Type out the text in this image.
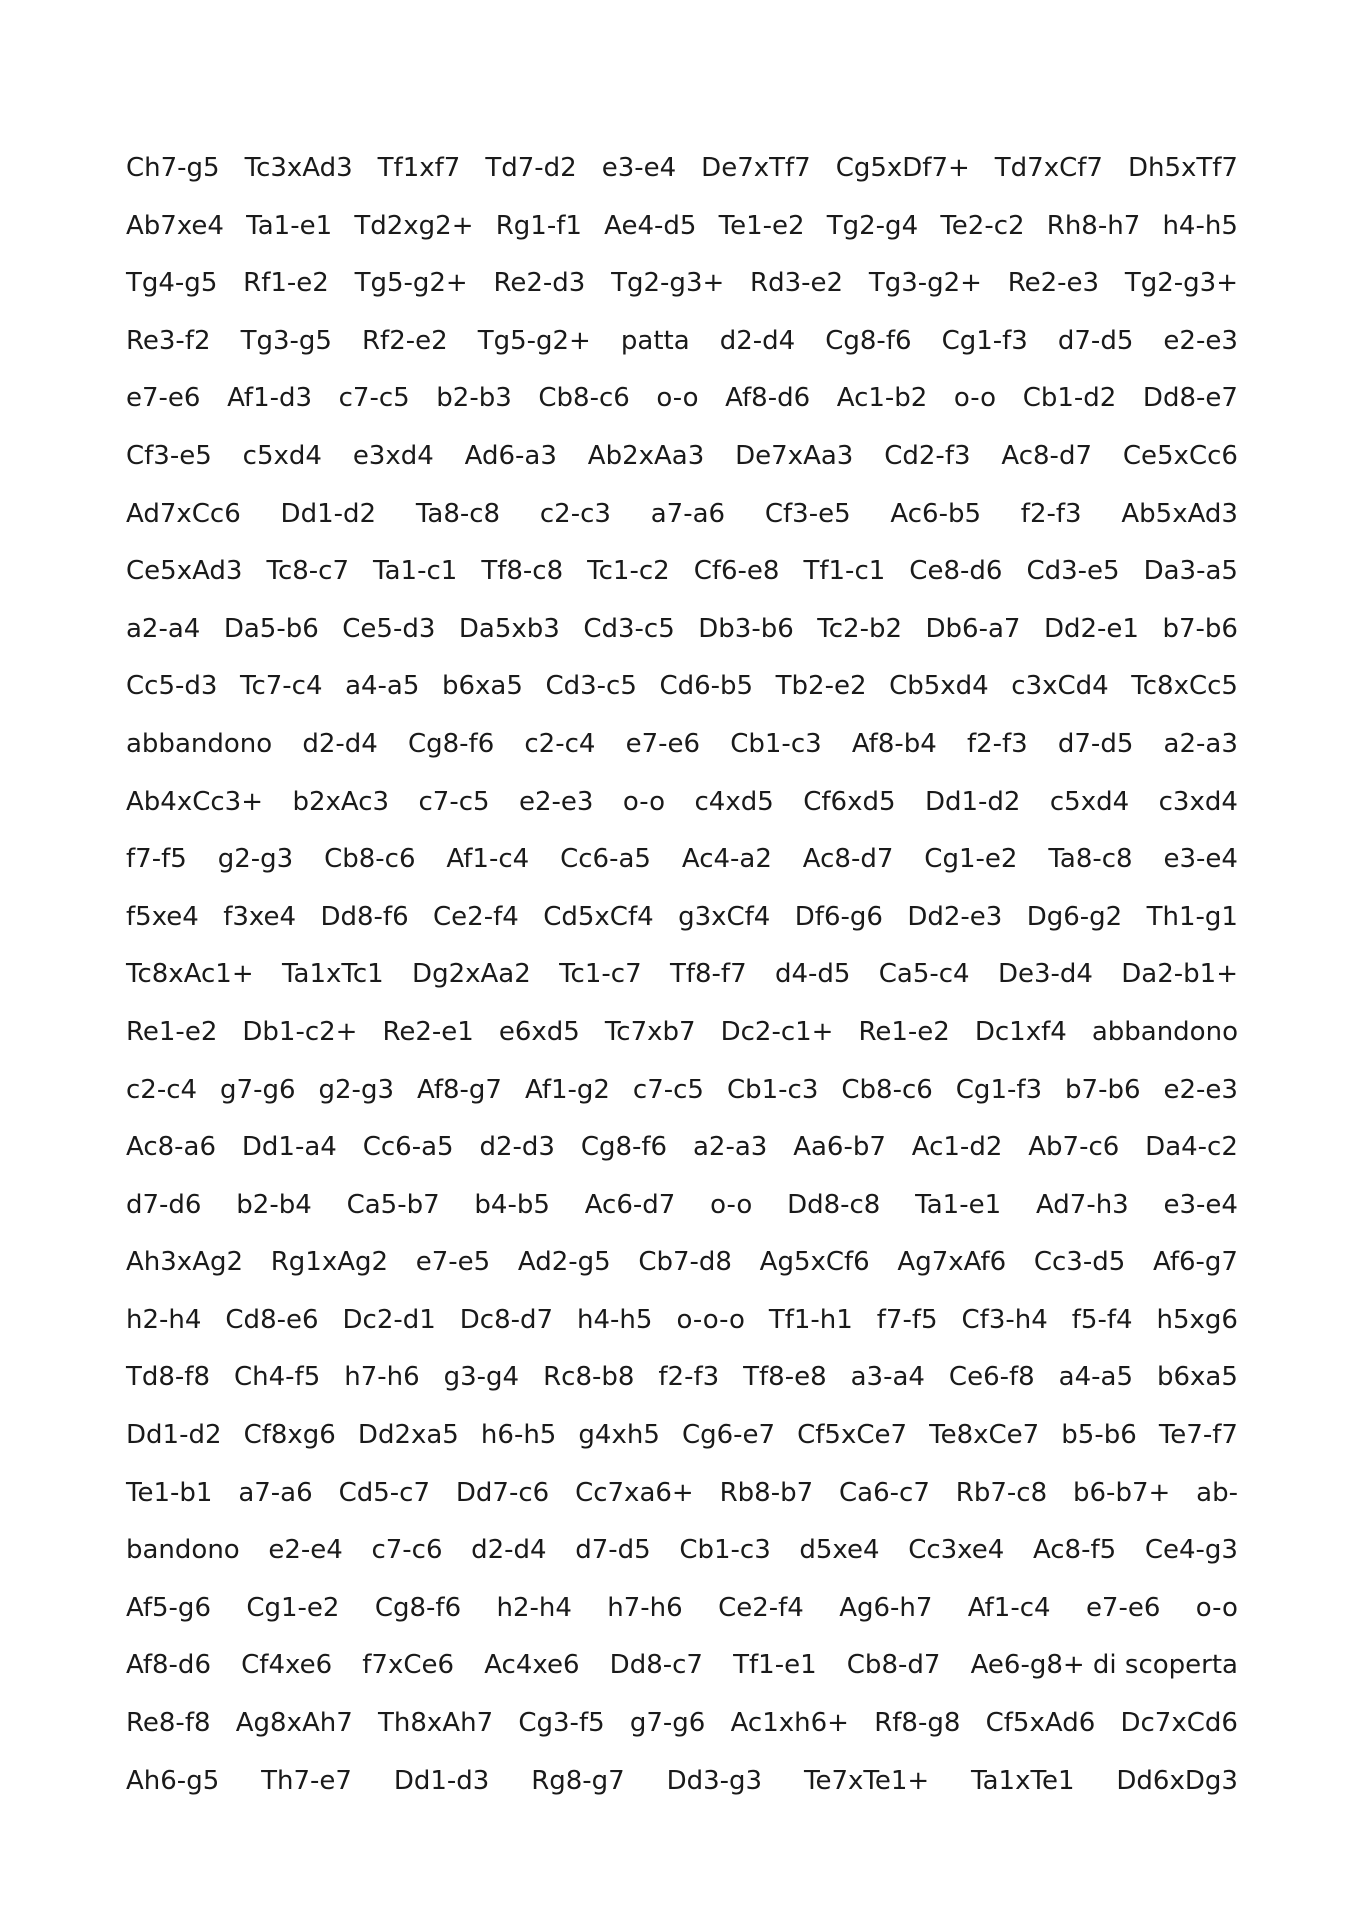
Ch7-g5 Tc3xAd3 Tf1xf7 Td7-d2 e3-e4 De7xTf7 Cg5xDf7+ Td7xCf7 Dh5xTf7
Ab7xe4 Ta1-e1 Td2xg2+ Rg1-f1 Ae4-d5 Te1-e2 Tg2-g4 Te2-c2 Rh8-h7 h4-h5
Tg4-g5 Rf1-e2 Tg5-g2+ Re2-d3 Tg2-g3+ Rd3-e2 Tg3-g2+ Re2-e3 Tg2-g3+
Re3-f2 Tg3-g5 Rf2-e2 Tg5-g2+ patta d2-d4 Cg8-f6 Cg1-f3 d7-d5 e2-e3
e7-e6 Af1-d3 c7-c5 b2-b3 Cb8-c6 o-o Af8-d6 Ac1-b2 o-o Cb1-d2 Dd8-e7
Cf3-e5 c5xd4 e3xd4 Ad6-a3 Ab2xAa3 De7xAa3 Cd2-f3 Ac8-d7 Ce5xCc6
Ad7xCc6 Dd1-d2 Ta8-c8 c2-c3 a7-a6 Cf3-e5 Ac6-b5 f2-f3 Ab5xAd3
Ce5xAd3 Tc8-c7 Ta1-c1 Tf8-c8 Tc1-c2 Cf6-e8 Tf1-c1 Ce8-d6 Cd3-e5 Da3-a5
a2-a4 Da5-b6 Ce5-d3 Da5xb3 Cd3-c5 Db3-b6 Tc2-b2 Db6-a7 Dd2-e1 b7-b6
Cc5-d3 Tc7-c4 a4-a5 b6xa5 Cd3-c5 Cd6-b5 Tb2-e2 Cb5xd4 c3xCd4 Tc8xCc5
abbandono d2-d4 Cg8-f6 c2-c4 e7-e6 Cb1-c3 Af8-b4 f2-f3 d7-d5 a2-a3
Ab4xCc3+ b2xAc3 c7-c5 e2-e3 o-o c4xd5 Cf6xd5 Dd1-d2 c5xd4 c3xd4
f7-f5 g2-g3 Cb8-c6 Af1-c4 Cc6-a5 Ac4-a2 Ac8-d7 Cg1-e2 Ta8-c8 e3-e4
f5xe4 f3xe4 Dd8-f6 Ce2-f4 Cd5xCf4 g3xCf4 Df6-g6 Dd2-e3 Dg6-g2 Th1-g1
Tc8xAc1+ Ta1xTc1 Dg2xAa2 Tc1-c7 Tf8-f7 d4-d5 Ca5-c4 De3-d4 Da2-b1+
Re1-e2 Db1-c2+ Re2-e1 e6xd5 Tc7xb7 Dc2-c1+ Re1-e2 Dc1xf4 abbandono
c2-c4 g7-g6 g2-g3 Af8-g7 Af1-g2 c7-c5 Cb1-c3 Cb8-c6 Cg1-f3 b7-b6 e2-e3
Ac8-a6 Dd1-a4 Cc6-a5 d2-d3 Cg8-f6 a2-a3 Aa6-b7 Ac1-d2 Ab7-c6 Da4-c2
d7-d6 b2-b4 Ca5-b7 b4-b5 Ac6-d7 o-o Dd8-c8 Ta1-e1 Ad7-h3 e3-e4
Ah3xAg2 Rg1xAg2 e7-e5 Ad2-g5 Cb7-d8 Ag5xCf6 Ag7xAf6 Cc3-d5 Af6-g7
h2-h4 Cd8-e6 Dc2-d1 Dc8-d7 h4-h5 o-o-o Tf1-h1 f7-f5 Cf3-h4 f5-f4 h5xg6
Td8-f8 Ch4-f5 h7-h6 g3-g4 Rc8-b8 f2-f3 Tf8-e8 a3-a4 Ce6-f8 a4-a5 b6xa5
Dd1-d2 Cf8xg6 Dd2xa5 h6-h5 g4xh5 Cg6-e7 Cf5xCe7 Te8xCe7 b5-b6 Te7-f7
Te1-b1 a7-a6 Cd5-c7 Dd7-c6 Cc7xa6+ Rb8-b7 Ca6-c7 Rb7-c8 b6-b7+ ab-
bandono e2-e4 c7-c6 d2-d4 d7-d5 Cb1-c3 d5xe4 Cc3xe4 Ac8-f5 Ce4-g3
Af5-g6 Cg1-e2 Cg8-f6 h2-h4 h7-h6 Ce2-f4 Ag6-h7 Af1-c4 e7-e6 o-o
Af8-d6 Cf4xe6 f7xCe6 Ac4xe6 Dd8-c7 Tf1-e1 Cb8-d7 Ae6-g8+ di scoperta
Re8-f8 Ag8xAh7 Th8xAh7 Cg3-f5 g7-g6 Ac1xh6+ Rf8-g8 Cf5xAd6 Dc7xCd6
Ah6-g5 Th7-e7 Dd1-d3 Rg8-g7 Dd3-g3 Te7xTe1+ Ta1xTe1 Dd6xDg3
